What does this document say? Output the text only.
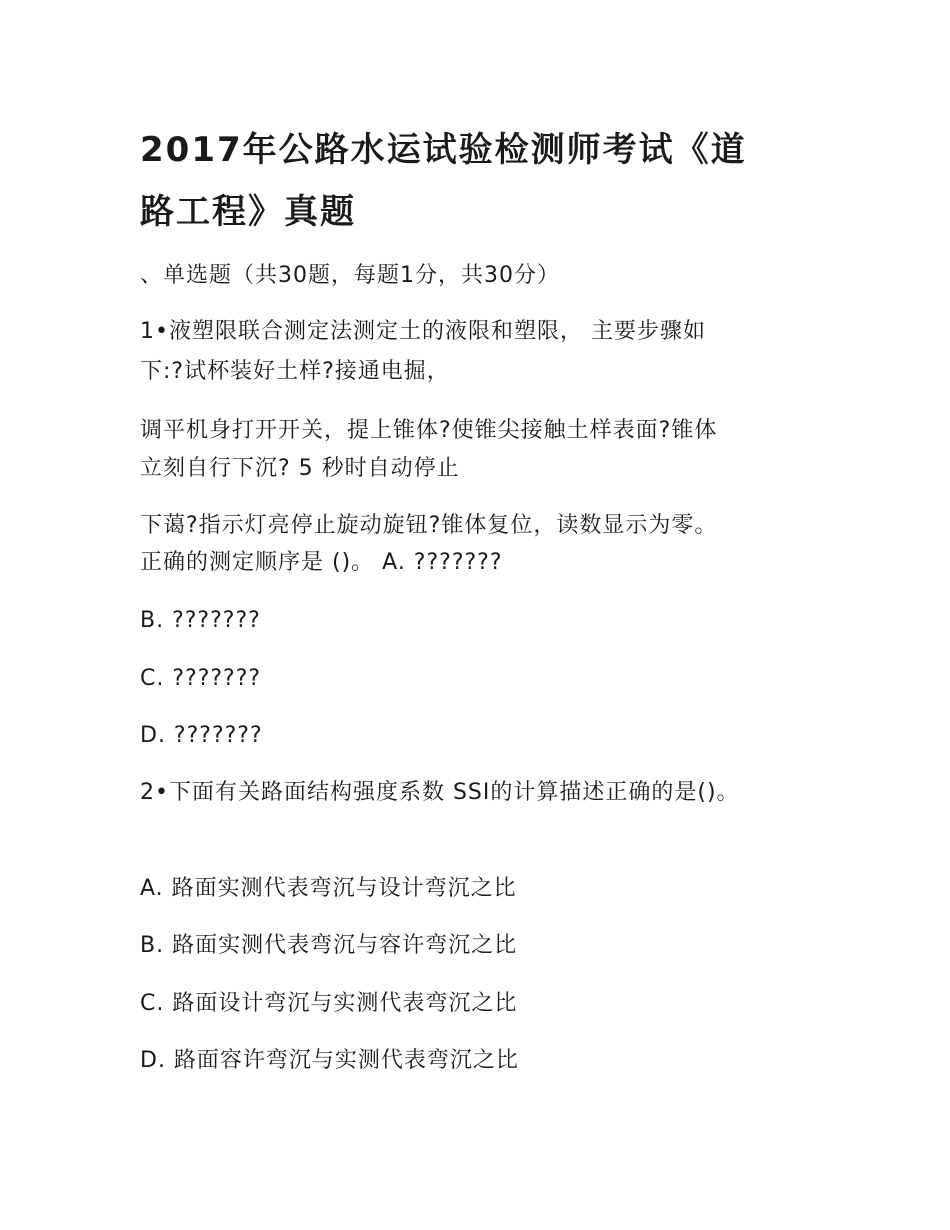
2017年公路水运试验检测师考试《道
路工程》真题
、单选题（共30题，每题1分，共30分）
1•液塑限联合测定法测定土的液限和塑限， 主要步骤如
下:?试杯装好土样?接通电掘，
调平机身打开开关，提上锥体?使锥尖接触土样表面?锥体
立刻自行下沉? 5 秒时自动停止
下蔼?指示灯亮停止旋动旋钮?锥体复位，读数显示为零。
正确的测定顺序是 ()。 A. ???????
B. ???????
C. ???????
D. ???????
2•下面有关路面结构强度系数 SSI的计算描述正确的是()。
A. 路面实测代表弯沉与设计弯沉之比
B. 路面实测代表弯沉与容许弯沉之比
C. 路面设计弯沉与实测代表弯沉之比
D. 路面容许弯沉与实测代表弯沉之比
